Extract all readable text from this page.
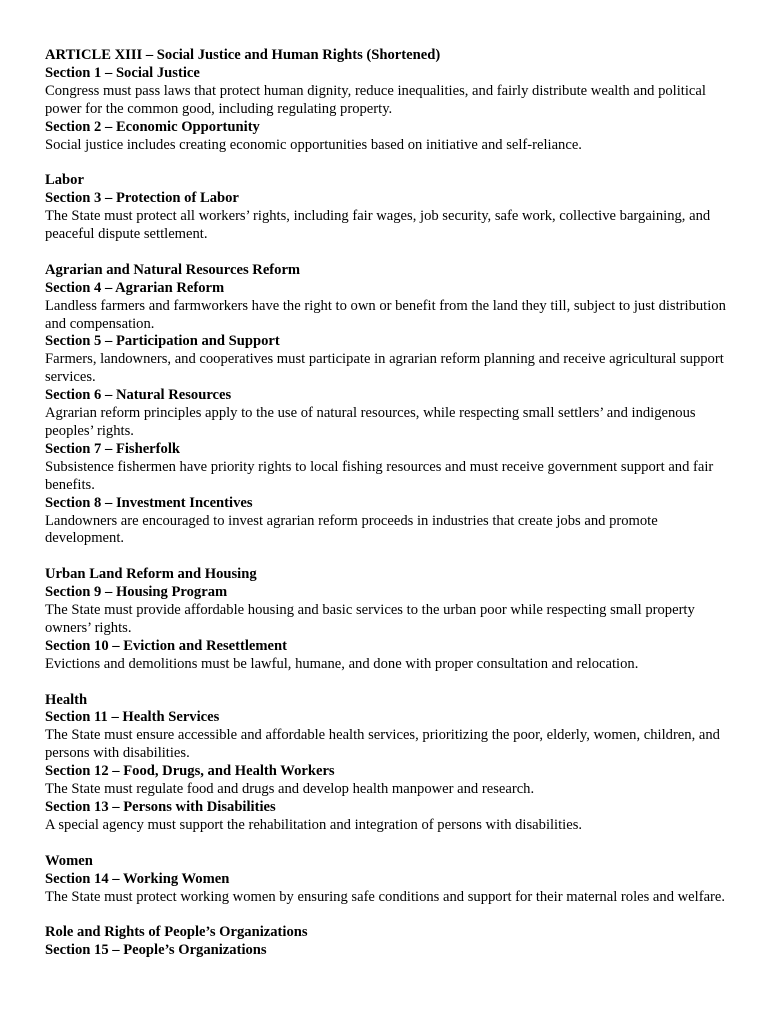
ARTICLE XIII – Social Justice and Human Rights (Shortened)
Section 1 – Social Justice
Congress must pass laws that protect human dignity, reduce inequalities, and fairly distribute wealth and political power for the common good, including regulating property.
Section 2 – Economic Opportunity
Social justice includes creating economic opportunities based on initiative and self-reliance.
Labor
Section 3 – Protection of Labor
The State must protect all workers’ rights, including fair wages, job security, safe work, collective bargaining, and peaceful dispute settlement.
Agrarian and Natural Resources Reform
Section 4 – Agrarian Reform
Landless farmers and farmworkers have the right to own or benefit from the land they till, subject to just distribution and compensation.
Section 5 – Participation and Support
Farmers, landowners, and cooperatives must participate in agrarian reform planning and receive agricultural support services.
Section 6 – Natural Resources
Agrarian reform principles apply to the use of natural resources, while respecting small settlers’ and indigenous peoples’ rights.
Section 7 – Fisherfolk
Subsistence fishermen have priority rights to local fishing resources and must receive government support and fair benefits.
Section 8 – Investment Incentives
Landowners are encouraged to invest agrarian reform proceeds in industries that create jobs and promote development.
Urban Land Reform and Housing
Section 9 – Housing Program
The State must provide affordable housing and basic services to the urban poor while respecting small property owners’ rights.
Section 10 – Eviction and Resettlement
Evictions and demolitions must be lawful, humane, and done with proper consultation and relocation.
Health
Section 11 – Health Services
The State must ensure accessible and affordable health services, prioritizing the poor, elderly, women, children, and persons with disabilities.
Section 12 – Food, Drugs, and Health Workers
The State must regulate food and drugs and develop health manpower and research.
Section 13 – Persons with Disabilities
A special agency must support the rehabilitation and integration of persons with disabilities.
Women
Section 14 – Working Women
The State must protect working women by ensuring safe conditions and support for their maternal roles and welfare.
Role and Rights of People’s Organizations
Section 15 – People’s Organizations
